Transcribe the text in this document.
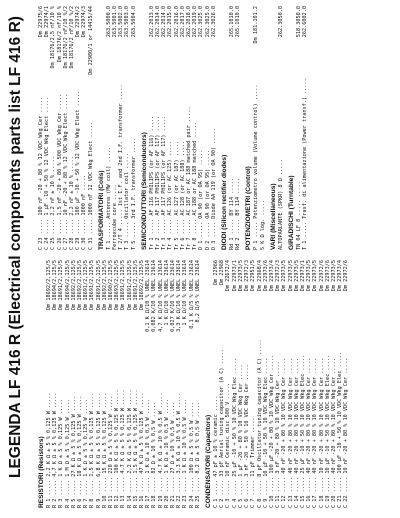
LEGENDA LF 416 R (Electrical components parts list LF 416 R)	RESISTORI (Resistors) R 1 ..... 2,2 K Ω ± 5 % 0,125 W .....
Dm 18692/2,125/5
R 2 ..... 4,7 K Ω ± 5 % 0,125 W .....
Dm 18694/2,125/5
R 3 ..... 1 K Ω ± 5 % 0,125 W .....
Dm 18691/2,125/5
R 4 ..... 1 M Ω ± 5 % 0,125 W .....
Dm 18694/2,125/5
R 5 ..... 27 K Ω ± 5 % 0,125 W .....
Dm 18692/2,125/5
R 6 ..... 18 K Ω ± 5 % 0,125 W .....
Dm 18692/2,125/5
R 7 ..... 1 K Ω ± 5 % 0,125 W .....
Dm 18691/2,125/5
R 8 ..... 1,5 K Ω ± 5 % 0,125 W .....
Dm 18691/2,125/5
R 9 ..... 6,8 K Ω ± 5 % 0,125 W .....
Dm 18691/2,125/5
R 10 ..... 15 K Ω ± 5 % 0,125 W .....
Dm 18692/2,125/5
R 11 ..... 220 Ω ± 5 % 0,125 W .....
Dm 18690/2,125/5
R 12 ..... 100 K Ω ± 5 % 0,125 W .....
Dm 18693/2,125/5
R 13 ..... 4,7 K Ω ± 5 % 0,125 W .....
Dm 18691/2,125/5
R 14 ..... 2,2 K Ω ± 5 % 0,125 W .....
Dm 18691/2,125/5
R 15 ..... 1,5 K Ω ± 5 % 0,125 W .....
Dm 18691/2,125/5
R 16 ..... 47 K Ω ± 5 % 0,125 W .....
Dm 18692/2,125/5
R 17 ..... 1 K Ω ± 10 % 0,5 W .....
0,1 K Ω/10 % UNEL 23614
R 18 ..... 82 Ω ± 10 % 0,5 W .....
0,082 K/10 % UNEL 23614
R 19 ..... 4,7 K Ω ± 10 % 0,5 W .....
4,7 K Ω/10 % UNEL 23614
R 20 ..... 1 K Ω ± 10 % 0,5 W .....
1 K Ω/10 % UNEL 23614
R 21 ..... 27 Ω ± 10 % 0,5 W .....
0,027 K/10 % UNEL 23614
R 22 ..... 3,3 K Ω ± 10 % 0,5 W .....
3,3 K Ω/10 % UNEL 23614
R 23 ..... 1 K Ω ± 10 % 0,5 W .....
1 K Ω/10 % UNEL 23614
R 24 ..... 100 Ω ± 5 % 0,5 W .....
0,1 K Ω/5 % UNEL 23614
R 25 ..... 8,2 Ω ± 5 % 0,5 W .....
8,2 Ω/5 % UNEL 23614
CONDENSATORI (Capacitors) C 1 ..... 47 pF ± 10 % ceramic .....
Dm 22966
C 2 ..... 33 pF Aerial tuning capacitor (A C) .....
Dm 22968
C 3 ..... 10 nF Ceramic disc 500 V .....
Dm 22672/4
C 4 ..... 25 µF -10 + 50 % 10 VDC Wkg Elec .....
Dm 22973/1
C 5 ..... 1 µF -20 + 80 % 10 VDC Wkg Cer .....
Dm 22973/5
C 6 ..... 3 nF -20 + 50 % 10 VDC Wkg Cer .....
Dm 22972/3
C 7 ..... 11 pF Trimmer .....
Dm 22951/5
C 8 ..... 8 pF Oscillator tuning capacitor (A C) .....
Dm 22968/4
C 9 ..... 10 µF -10 + 50 % 10 VDC Wkg Elec .....
Dm 22973/6
C 10 ..... 100 µF -20 + 80 % 10 VDC Wkg Cer .....
Dm 22973/4
C 11 ..... 3 nF -20 + 80 % 10 VDC Wkg Cer .....
Dm 22972/3
C 12 ..... 40 nF -20 + 80 % 10 VDC Wkg Cer .....
Dm 22973/5
C 13 ..... 40 nF -20 + 80 % 10 VDC Wkg Cer .....
Dm 22973/5
C 14 ..... 40 nF -20 + 80 % 10 VDC Wkg Cer .....
Dm 22973/5
C 15 ..... 25 µF -10 + 50 % 10 VDC Wkg Elec .....
Dm 22973/1
C 16 ..... 40 nF -20 + 80 % 10 VDC Wkg Cer .....
Dm 22973/5
C 17 ..... 40 nF -20 + 80 % 10 VDC Wkg Cer .....
Dm 22973/5
C 18 ..... 10 nF -20 + 80 % 10 VDC Wkg Cer .....
Dm 22972/6
C 19 ..... 10 µF -10 + 50 % 10 VDC Wkg Elec .....
Dm 22973/6
C 20 ..... 40 nF -20 + 80 % 10 VDC Wkg Cer .....
Dm 22973/5
C 21 ..... 100 µF -10 + 50 % 10 VDC Wkg Elec .....
Dm 22973/4
C 22 ..... 10 nF -20 + 80 % 10 VDC Wkg Cer .....
Dm 22972/6
C 23 ..... 100 nF -20 + 80 % 12 VDC Wkg Cer .....
Dm 22975/6
C 24 ..... 1 µF -10 + 50 % 12 VDC Wkg Elect .....
Dm 22974/1
C 25 ..... 2,2 nF ± 10 % .....
Dm 18176/2,5 nF/10 %
C 26 ..... 1,5 nF -20 + 80 % 500 VDC Wkg Cer .....
Dm 18176/2 nF/10 %
C 27 ..... 10 nF -20 + 80 % 12 VDC Wkg Elect .....
Dm 18176/2 nF/10 %/2
C 28 ..... 2,2 nF ± 10 % .....
Dm 18176/2 nF/10 %/2
C 29 ..... 100 µF -10 + 50 % 12 VDC Wkg Elect .....
Dm 22974/2
C 30 ..... 1000 nF .....
Dm 22974/3
C 31 ..... 1000 nF 12 VDC Wkg Elect .....
Dm 22980/1 or 14415/44
TRASFORMATORI (Coils) T 1 ..... Antenna (MW coil) .....
263.5000.0
Ferroxcube core .....
263.5001.0
T 2/T 4 ..... 1st I.F. and 2nd I.F. transformer .....
263.5002.0
T 3 ..... Oscillator coil .....
263.5003.0
T 5 ..... 3rd I.F. transformer .....
263.5004.0
SEMICONDUTTORI (Semiconductors) Tr 1 ..... AF 116 PHILIPS (or AF 116) .....
262.2013.0
Tr 2 ..... AF 117 PHILIPS (or AF 117) .....
262.2014.0
Tr 3 ..... AF 117 PHILIPS (or AF 117) .....
262.2014.0
Tr 4 ..... AC 126 (or AC 125) .....
262.2015.0
Tr 5 ..... AC 127 (or AC 187) .....
262.2016.0
Tr 6 ..... AC 128 (or AC 188) .....
262.2017.0
Tr 7 ..... AC 187 or AC 188 matched pair .....
262.2018.0
Tr 8 ..... AC 188 or AC 188 matched .....
262.2019.0
D 1 ..... OA 90 (or OA 95) .....
262.3025.0
D 2 ..... OA 90 (or OA 95) .....
262.3025.0
D 3 ..... Diode AA 119 (or OA 90) .....
262.3026.0
DIODI (Silicon rectifier diodes) Rd 1 ..... BY 114 .....
265.1010.0
Rd 2 ..... BY 114 .....
265.1010.0
POTENZIOMETRI (Control) P 1 ..... Potenziometro volume (Volume control) .....
Dm 181.101.2
5 K Ω log. ..... VARI (Miscellaneous) ALTOPARLANTE (SPKR) 8 Ω .....
262.3050.0
GIRADISCHI (Turntable) TN 04 LF 8 ..... .....
518.3050.0
T 1 ..... Trasf. di alimentazione (Power transf.) .....
262.6002.0
